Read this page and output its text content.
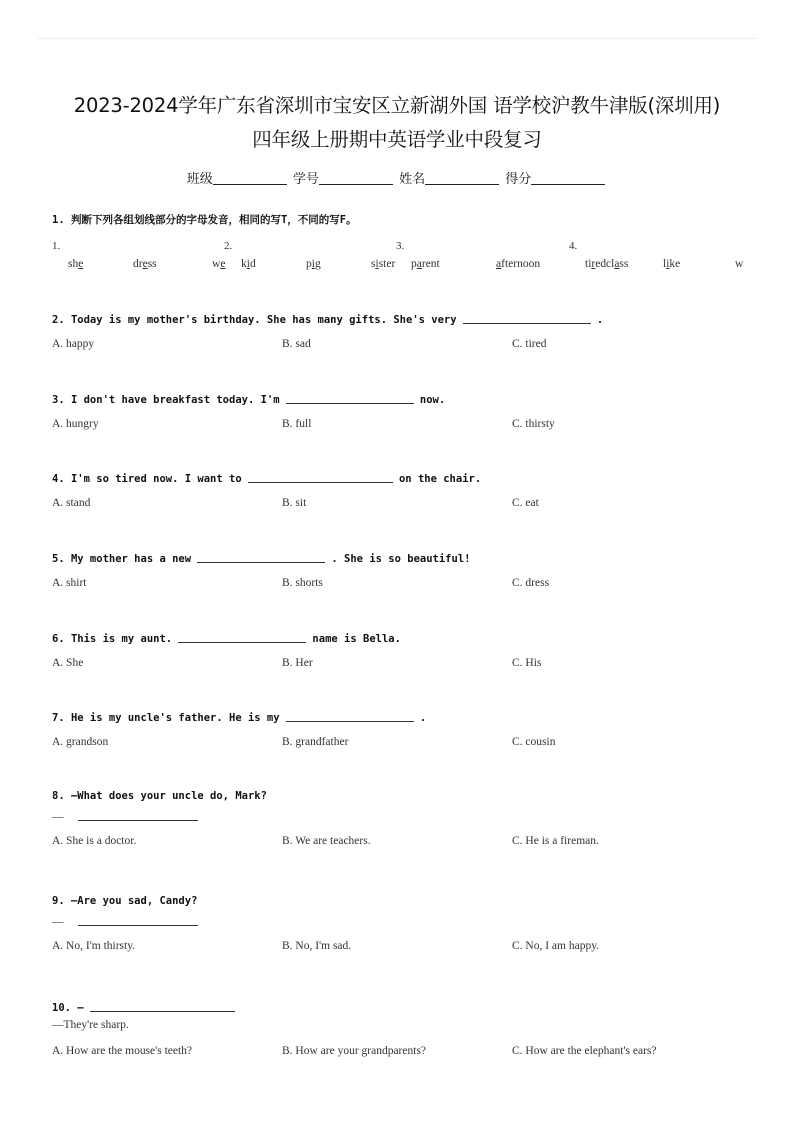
2023-2024学年广东省深圳市宝安区立新湖外国 语学校沪教牛津版(深圳用)
四年级上册期中英语学业中段复习
班级	学号	姓名	得分
1. 判断下列各组划线部分的字母发音，相同的写T，不同的写F。
1.	2.	3.	4.
she	dress	we kid	pig	sister parent	afternoon	tired class	like	w
2. Today is my mother's birthday. She has many gifts. She's very	.
A. happy	B. sad	C. tired
3. I don't have breakfast today. I'm	now.
A. hungry	B. full	C. thirsty
4. I'm so tired now. I want to	on the chair.
A. stand	B. sit	C. eat
5. My mother has a new	. She is so beautiful!
A. shirt	B. shorts	C. dress
6. This is my aunt.	name is Bella.
A. She	B. Her	C. His
7. He is my uncle's father. He is my	.
A. grandson	B. grandfather	C. cousin
8. —What does your uncle do, Mark?
—
A. She is a doctor.	B. We are teachers.	C. He is a fireman.
9. —Are you sad, Candy?
—
A. No, I'm thirsty.	B. No, I'm sad.	C. No, I am happy.
10. —
—They're sharp.
A. How are the mouse's teeth?	B. How are your grandparents?	C. How are the elephant's ears?
